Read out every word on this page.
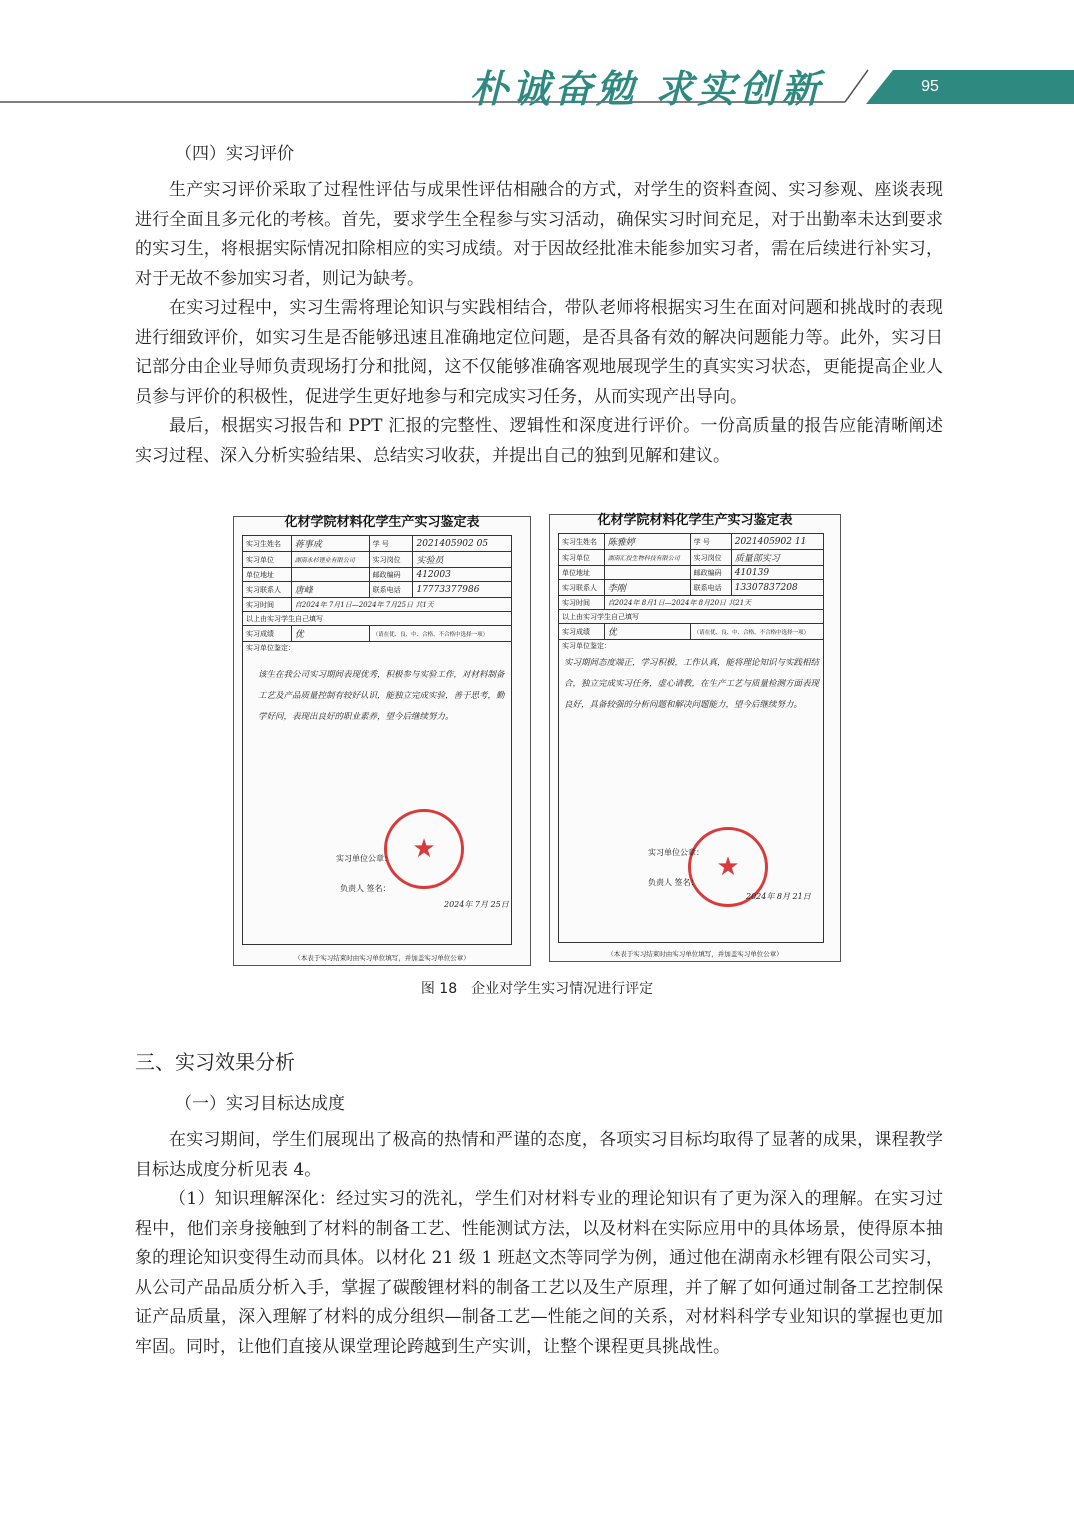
朴诚奋勉 求实创新	95

（四）实习评价

生产实习评价采取了过程性评估与成果性评估相融合的方式，对学生的资料查阅、实习参观、座谈表现进行全面且多元化的考核。首先，要求学生全程参与实习活动，确保实习时间充足，对于出勤率未达到要求的实习生，将根据实际情况扣除相应的实习成绩。对于因故经批准未能参加实习者，需在后续进行补实习，对于无故不参加实习者，则记为缺考。

在实习过程中，实习生需将理论知识与实践相结合，带队老师将根据实习生在面对问题和挑战时的表现进行细致评价，如实习生是否能够迅速且准确地定位问题，是否具备有效的解决问题能力等。此外，实习日记部分由企业导师负责现场打分和批阅，这不仅能够准确客观地展现学生的真实实习状态，更能提高企业人员参与评价的积极性，促进学生更好地参与和完成实习任务，从而实现产出导向。

最后，根据实习报告和 PPT 汇报的完整性、逻辑性和深度进行评价。一份高质量的报告应能清晰阐述实习过程、深入分析实验结果、总结实习收获，并提出自己的独到见解和建议。

化材学院材料化学生产实习鉴定表
实习生姓名	蒋事成	学 号	2021405902 05
实习单位	湖南永杉锂业有限公司	实习岗位	实验员
单位地址		邮政编码	412003
实习联系人	唐峰	联系电话	17773377986
实习时间	自2024年 7月1日—2024年 7月25日 共1天		
以上由实习学生自己填写			
实习成绩	优	（请在优、良、中、合格、不合格中选择一项）	
实习单位鉴定：			
该生在我公司实习期间表现优秀，积极参与实验工作，对材料制备工艺及产品质量控制有较好认识，能独立完成实验，善于思考，勤学好问，表现出良好的职业素养，望今后继续努力。
★
实习单位公章：
负责人 签名：
2024年 7月 25日
（本表于实习结束时由实习单位填写，并加盖实习单位公章）
化材学院材料化学生产实习鉴定表
实习生姓名	陈雅婷	学 号	2021405902 11
实习单位	湖南汇投生物科技有限公司	实习岗位	质量部实习
单位地址		邮政编码	410139
实习联系人	李刚	联系电话	13307837208
实习时间	自2024年 8月1日—2024年 8月20日 共21天		
以上由实习学生自己填写			
实习成绩	优	（请在优、良、中、合格、不合格中选择一项）	
实习单位鉴定：			
实习期间态度端正，学习积极，工作认真，能将理论知识与实践相结合，独立完成实习任务，虚心请教，在生产工艺与质量检测方面表现良好，具备较强的分析问题和解决问题能力，望今后继续努力。
★
实习单位公章：
负责人 签名：
2024年 8月 21日
（本表于实习结束时由实习单位填写，并加盖实习单位公章）
图 18　企业对学生实习情况进行评定

三、实习效果分析

（一）实习目标达成度

在实习期间，学生们展现出了极高的热情和严谨的态度，各项实习目标均取得了显著的成果，课程教学目标达成度分析见表 4。

（1）知识理解深化：经过实习的洗礼，学生们对材料专业的理论知识有了更为深入的理解。在实习过程中，他们亲身接触到了材料的制备工艺、性能测试方法，以及材料在实际应用中的具体场景，使得原本抽象的理论知识变得生动而具体。以材化 21 级 1 班赵文杰等同学为例，通过他在湖南永杉锂有限公司实习，从公司产品品质分析入手，掌握了碳酸锂材料的制备工艺以及生产原理，并了解了如何通过制备工艺控制保证产品质量，深入理解了材料的成分组织—制备工艺—性能之间的关系，对材料科学专业知识的掌握也更加牢固。同时，让他们直接从课堂理论跨越到生产实训，让整个课程更具挑战性。
